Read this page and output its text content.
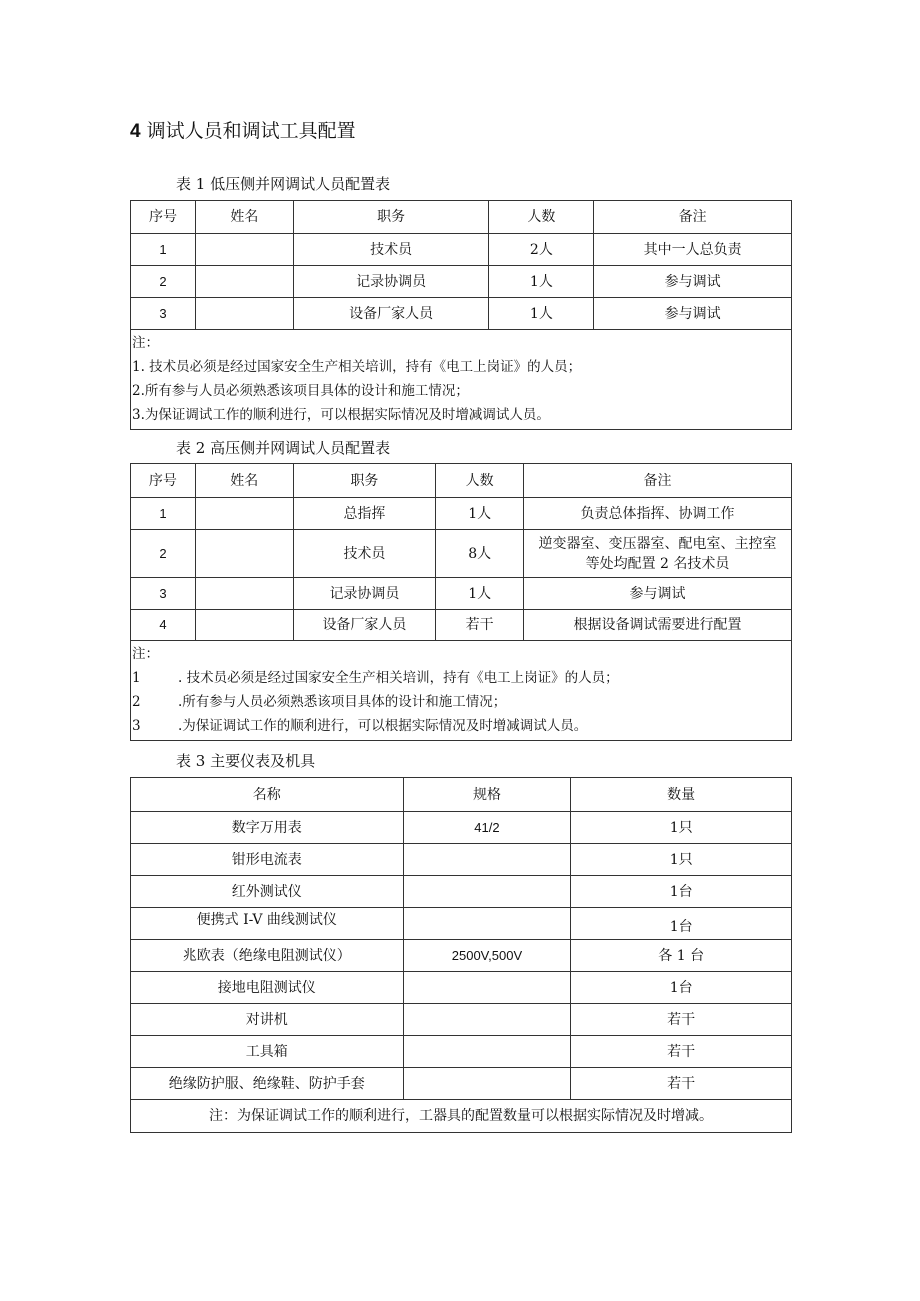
4 调试人员和调试工具配置
表 1 低压侧并网调试人员配置表
序号	姓名	职务	人数	备注
1		技术员	2人	其中一人总负责
2		记录协调员	1人	参与调试
3		设备厂家人员	1人	参与调试

注：
1. 技术员必须是经过国家安全生产相关培训，持有《电工上岗证》的人员；
2.所有参与人员必须熟悉该项目具体的设计和施工情况；
3.为保证调试工作的顺利进行，可以根据实际情况及时增减调试人员。				
表 2 高压侧并网调试人员配置表
序号	姓名	职务	人数	备注
1		总指挥	1人	负责总体指挥、协调工作
2		技术员	8人	逆变器室、变压器室、配电室、主控室
等处均配置 2 名技术员

3		记录协调员	1人	参与调试
4		设备厂家人员	若干	根据设备调试需要进行配置

注：
1 . 技术员必须是经过国家安全生产相关培训，持有《电工上岗证》的人员；
2 .所有参与人员必须熟悉该项目具体的设计和施工情况；
3 .为保证调试工作的顺利进行，可以根据实际情况及时增减调试人员。				
表 3 主要仪表及机具
名称	规格	数量
数字万用表	41/2	1只
钳形电流表		1只
红外测试仪		1台
便携式 I-V 曲线测试仪		1台
兆欧表（绝缘电阻测试仪）	2500V,500V	各 1 台
接地电阻测试仪		1台
对讲机		若干
工具箱		若干
绝缘防护服、绝缘鞋、防护手套		若干
注：为保证调试工作的顺利进行，工器具的配置数量可以根据实际情况及时增减。		
